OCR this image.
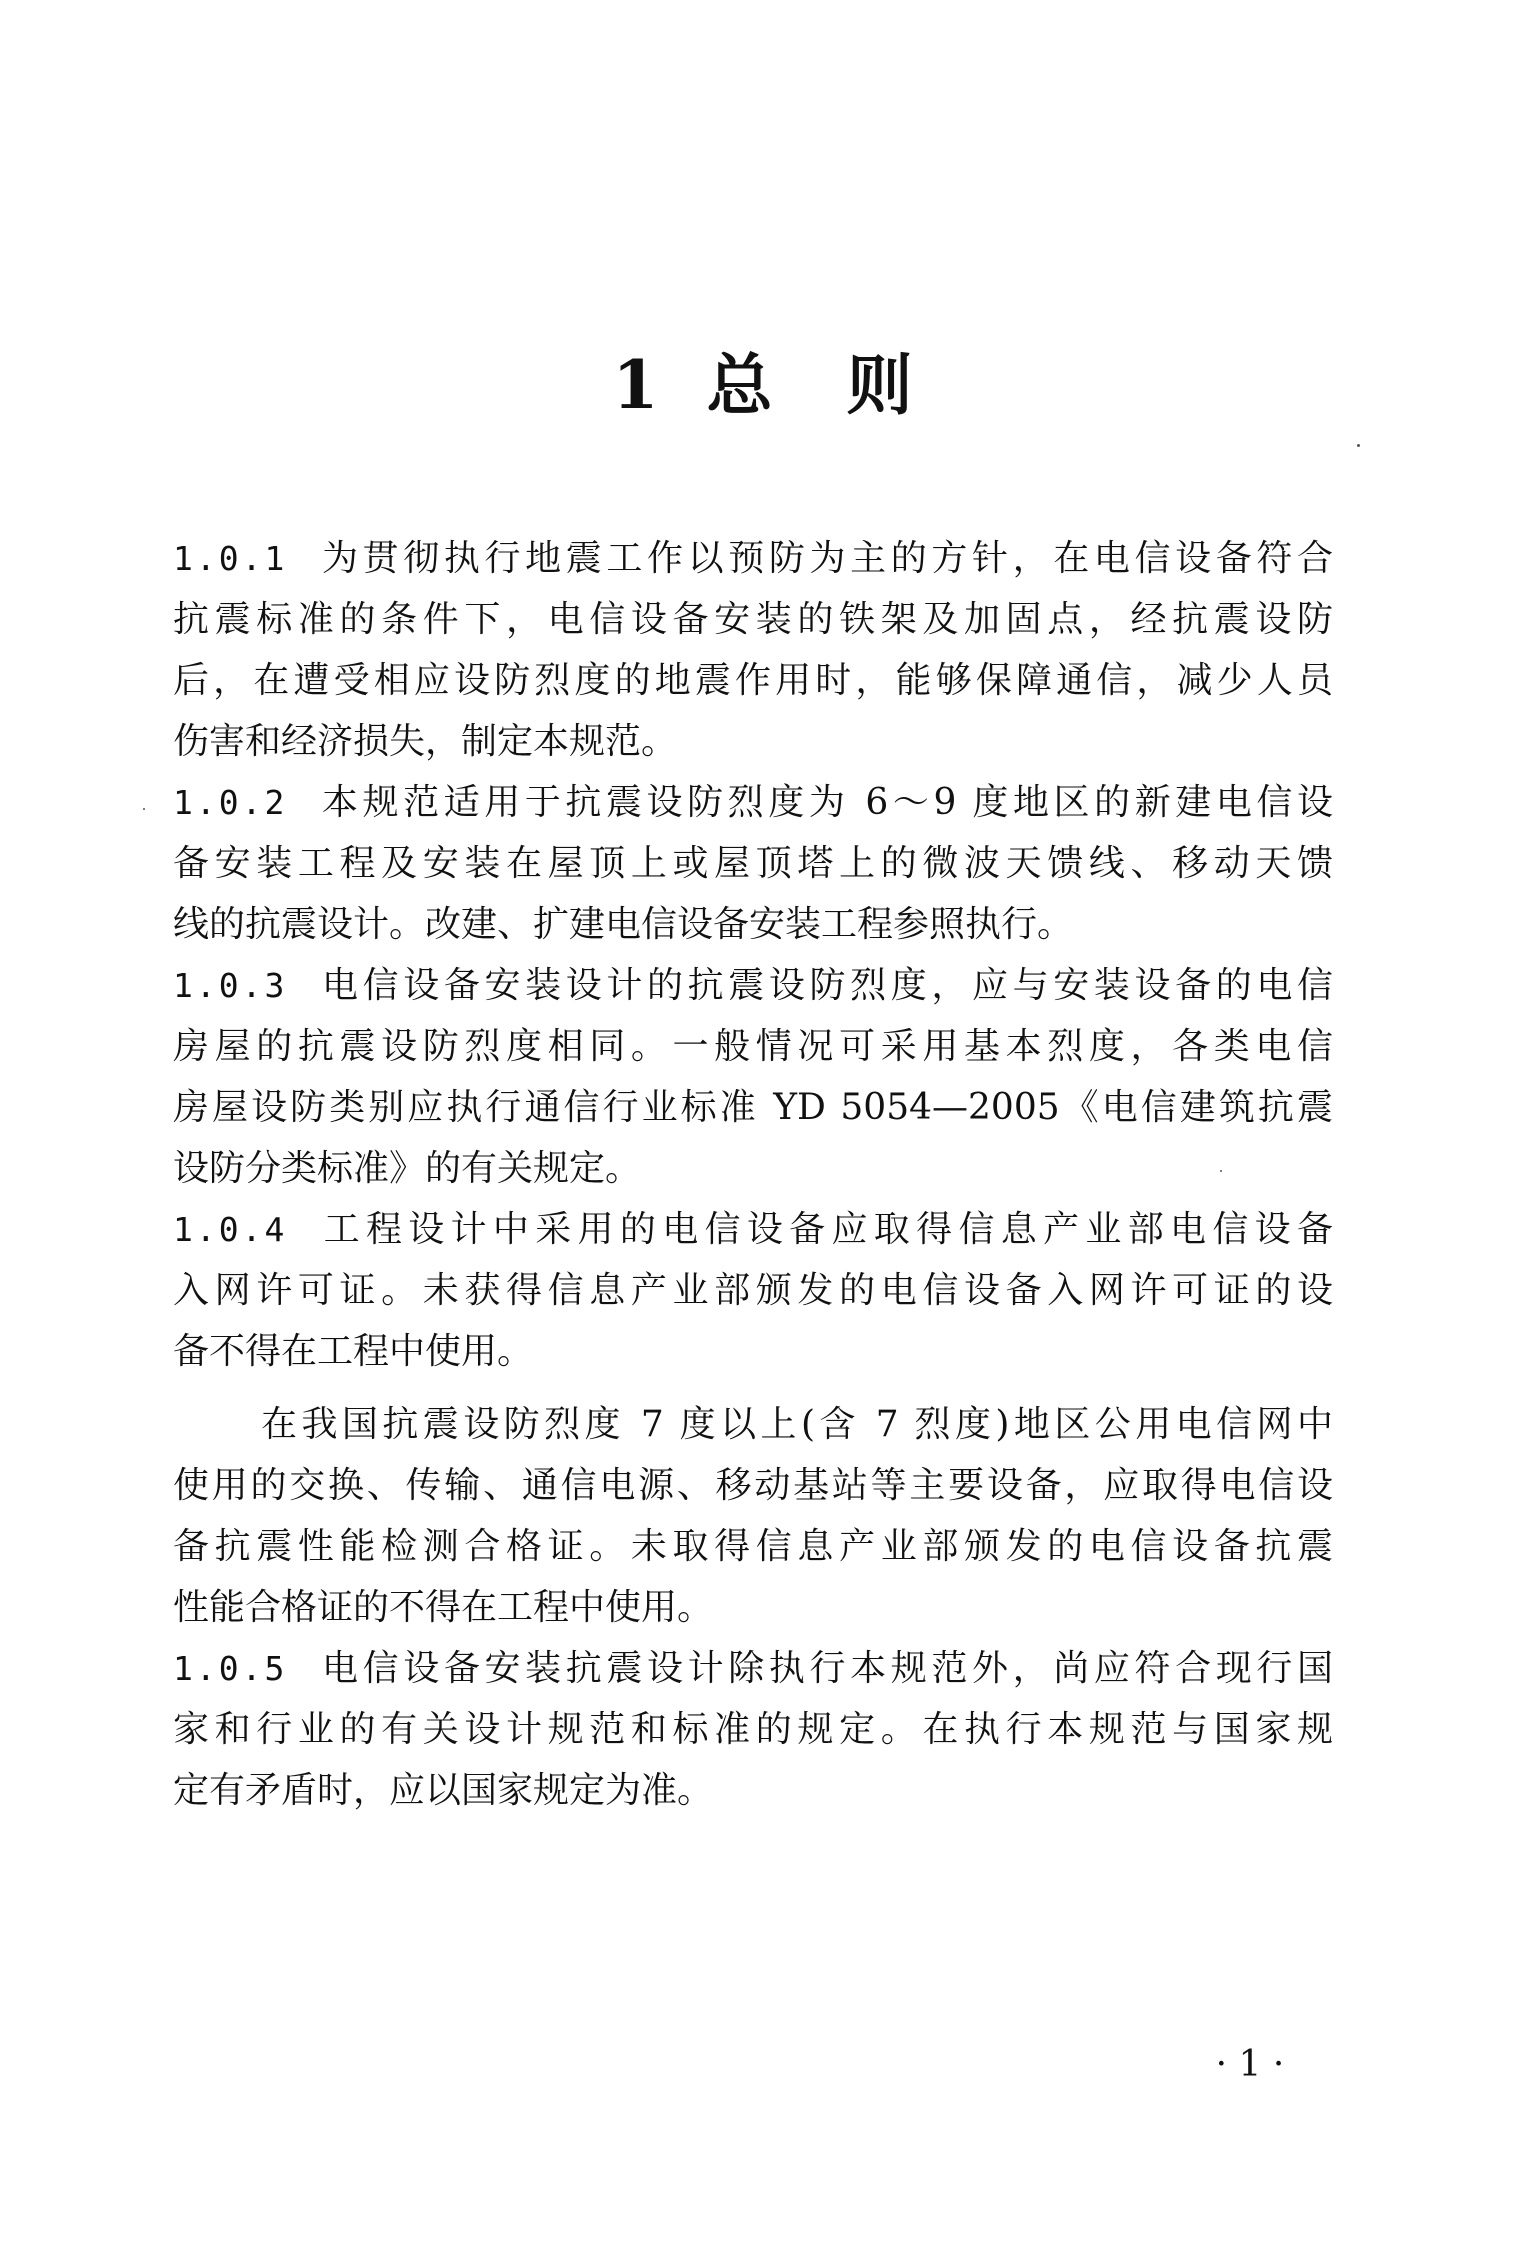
1 总 则
1.0.1 为贯彻执行地震工作以预防为主的方针，在电信设备符合
抗震标准的条件下，电信设备安装的铁架及加固点，经抗震设防
后，在遭受相应设防烈度的地震作用时，能够保障通信，减少人员
伤害和经济损失，制定本规范。
1.0.2 本规范适用于抗震设防烈度为 6～9 度地区的新建电信设
备安装工程及安装在屋顶上或屋顶塔上的微波天馈线、移动天馈
线的抗震设计。改建、扩建电信设备安装工程参照执行。
1.0.3 电信设备安装设计的抗震设防烈度，应与安装设备的电信
房屋的抗震设防烈度相同。一般情况可采用基本烈度，各类电信
房屋设防类别应执行通信行业标准 YD 5054—2005《电信建筑抗震
设防分类标准》的有关规定。
1.0.4 工程设计中采用的电信设备应取得信息产业部电信设备
入网许可证。未获得信息产业部颁发的电信设备入网许可证的设
备不得在工程中使用。
在我国抗震设防烈度 7 度以上(含 7 烈度)地区公用电信网中
使用的交换、传输、通信电源、移动基站等主要设备，应取得电信设
备抗震性能检测合格证。未取得信息产业部颁发的电信设备抗震
性能合格证的不得在工程中使用。
1.0.5 电信设备安装抗震设计除执行本规范外，尚应符合现行国
家和行业的有关设计规范和标准的规定。在执行本规范与国家规
定有矛盾时，应以国家规定为准。
· 1 ·
